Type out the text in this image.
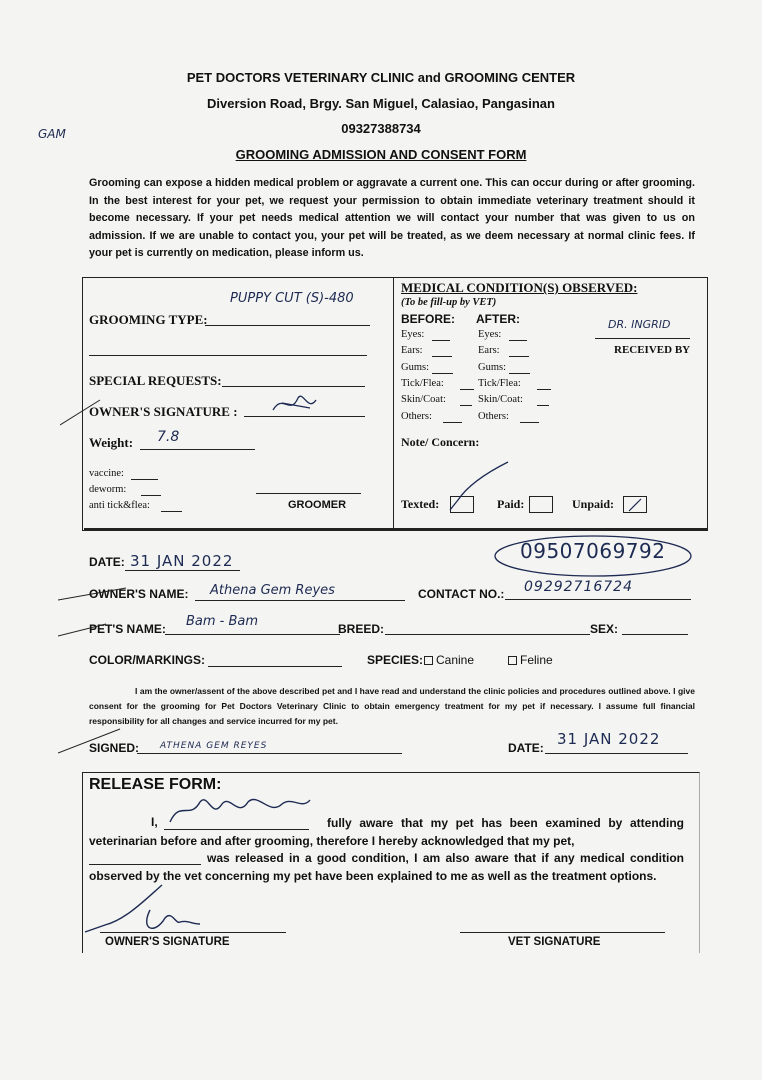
PET DOCTORS VETERINARY CLINIC and GROOMING CENTER
Diversion Road, Brgy. San Miguel, Calasiao, Pangasinan
09327388734
GROOMING ADMISSION AND CONSENT FORM
GAM
Grooming can expose a hidden medical problem or aggravate a current one. This can occur during or after grooming. In the best interest for your pet, we request your permission to obtain immediate veterinary treatment should it become necessary. If your pet needs medical attention we will contact your number that was given to us on admission. If we are unable to contact you, your pet will be treated, as we deem necessary at normal clinic fees. If your pet is currently on medication, please inform us.
GROOMING TYPE:
PUPPY CUT (S)-480
SPECIAL REQUESTS:
OWNER'S SIGNATURE :
Weight: 7.8
vaccine:
deworm:
anti tick&flea:	GROOMER
MEDICAL CONDITION(S) OBSERVED:
(To be fill-up by VET)
BEFORE: AFTER:
Eyes:	Eyes:
Ears:	Ears:
Gums:	Gums:
Tick/Flea:	Tick/Flea:
Skin/Coat:	Skin/Coat:
Others:	Others:
DR. INGRID
RECEIVED BY
Note/ Concern:
Texted:	Paid:	Unpaid:
DATE: 31 JAN 2022	09507069792
OWNER'S NAME: Athena Gem Reyes	CONTACT NO.: 09292716724
PET'S NAME: Bam - Bam	BREED:	SEX:
COLOR/MARKINGS:	SPECIES: Canine	Feline
I am the owner/assent of the above described pet and I have read and understand the clinic policies and procedures outlined above. I give consent for the grooming for Pet Doctors Veterinary Clinic to obtain emergency treatment for my pet if necessary. I assume full financial responsibility for all changes and service incurred for my pet.
SIGNED: ATHENA GEM REYES	DATE: 31 JAN 2022
RELEASE FORM:
I,	fully aware that my pet has been examined by attending veterinarian before and after grooming, therefore I hereby acknowledged that my pet,
was released in a good condition, I am also aware that if any medical condition observed by the vet concerning my pet have been explained to me as well as the treatment options.
OWNER'S SIGNATURE	VET SIGNATURE
